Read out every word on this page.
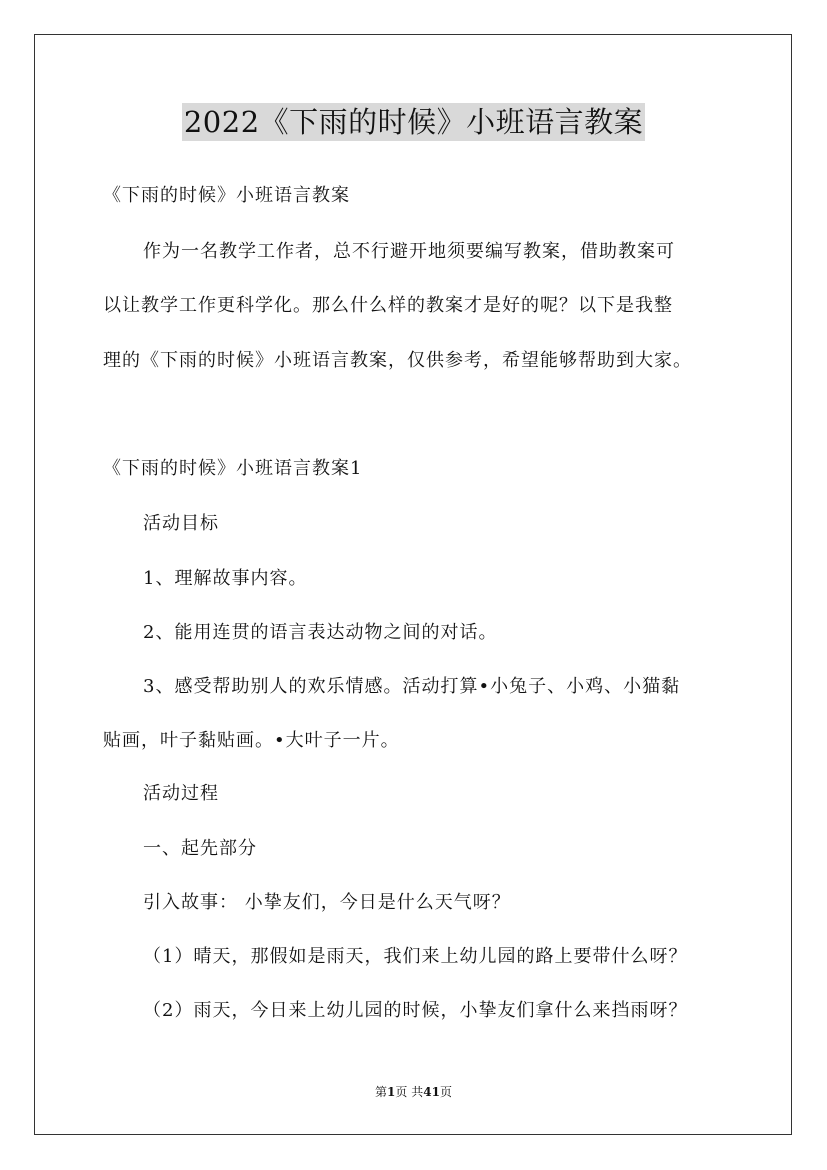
2022《下雨的时候》小班语言教案
《下雨的时候》小班语言教案
作为一名教学工作者，总不行避开地须要编写教案，借助教案可
以让教学工作更科学化。那么什么样的教案才是好的呢？以下是我整
理的《下雨的时候》小班语言教案，仅供参考，希望能够帮助到大家。
《下雨的时候》小班语言教案1
活动目标
1、理解故事内容。
2、能用连贯的语言表达动物之间的对话。
3、感受帮助别人的欢乐情感。活动打算•小兔子、小鸡、小猫黏
贴画，叶子黏贴画。•大叶子一片。
活动过程
一、起先部分
引入故事： 小挚友们，今日是什么天气呀？
（1）晴天，那假如是雨天，我们来上幼儿园的路上要带什么呀？
（2）雨天，今日来上幼儿园的时候，小挚友们拿什么来挡雨呀？
第1页 共41页
